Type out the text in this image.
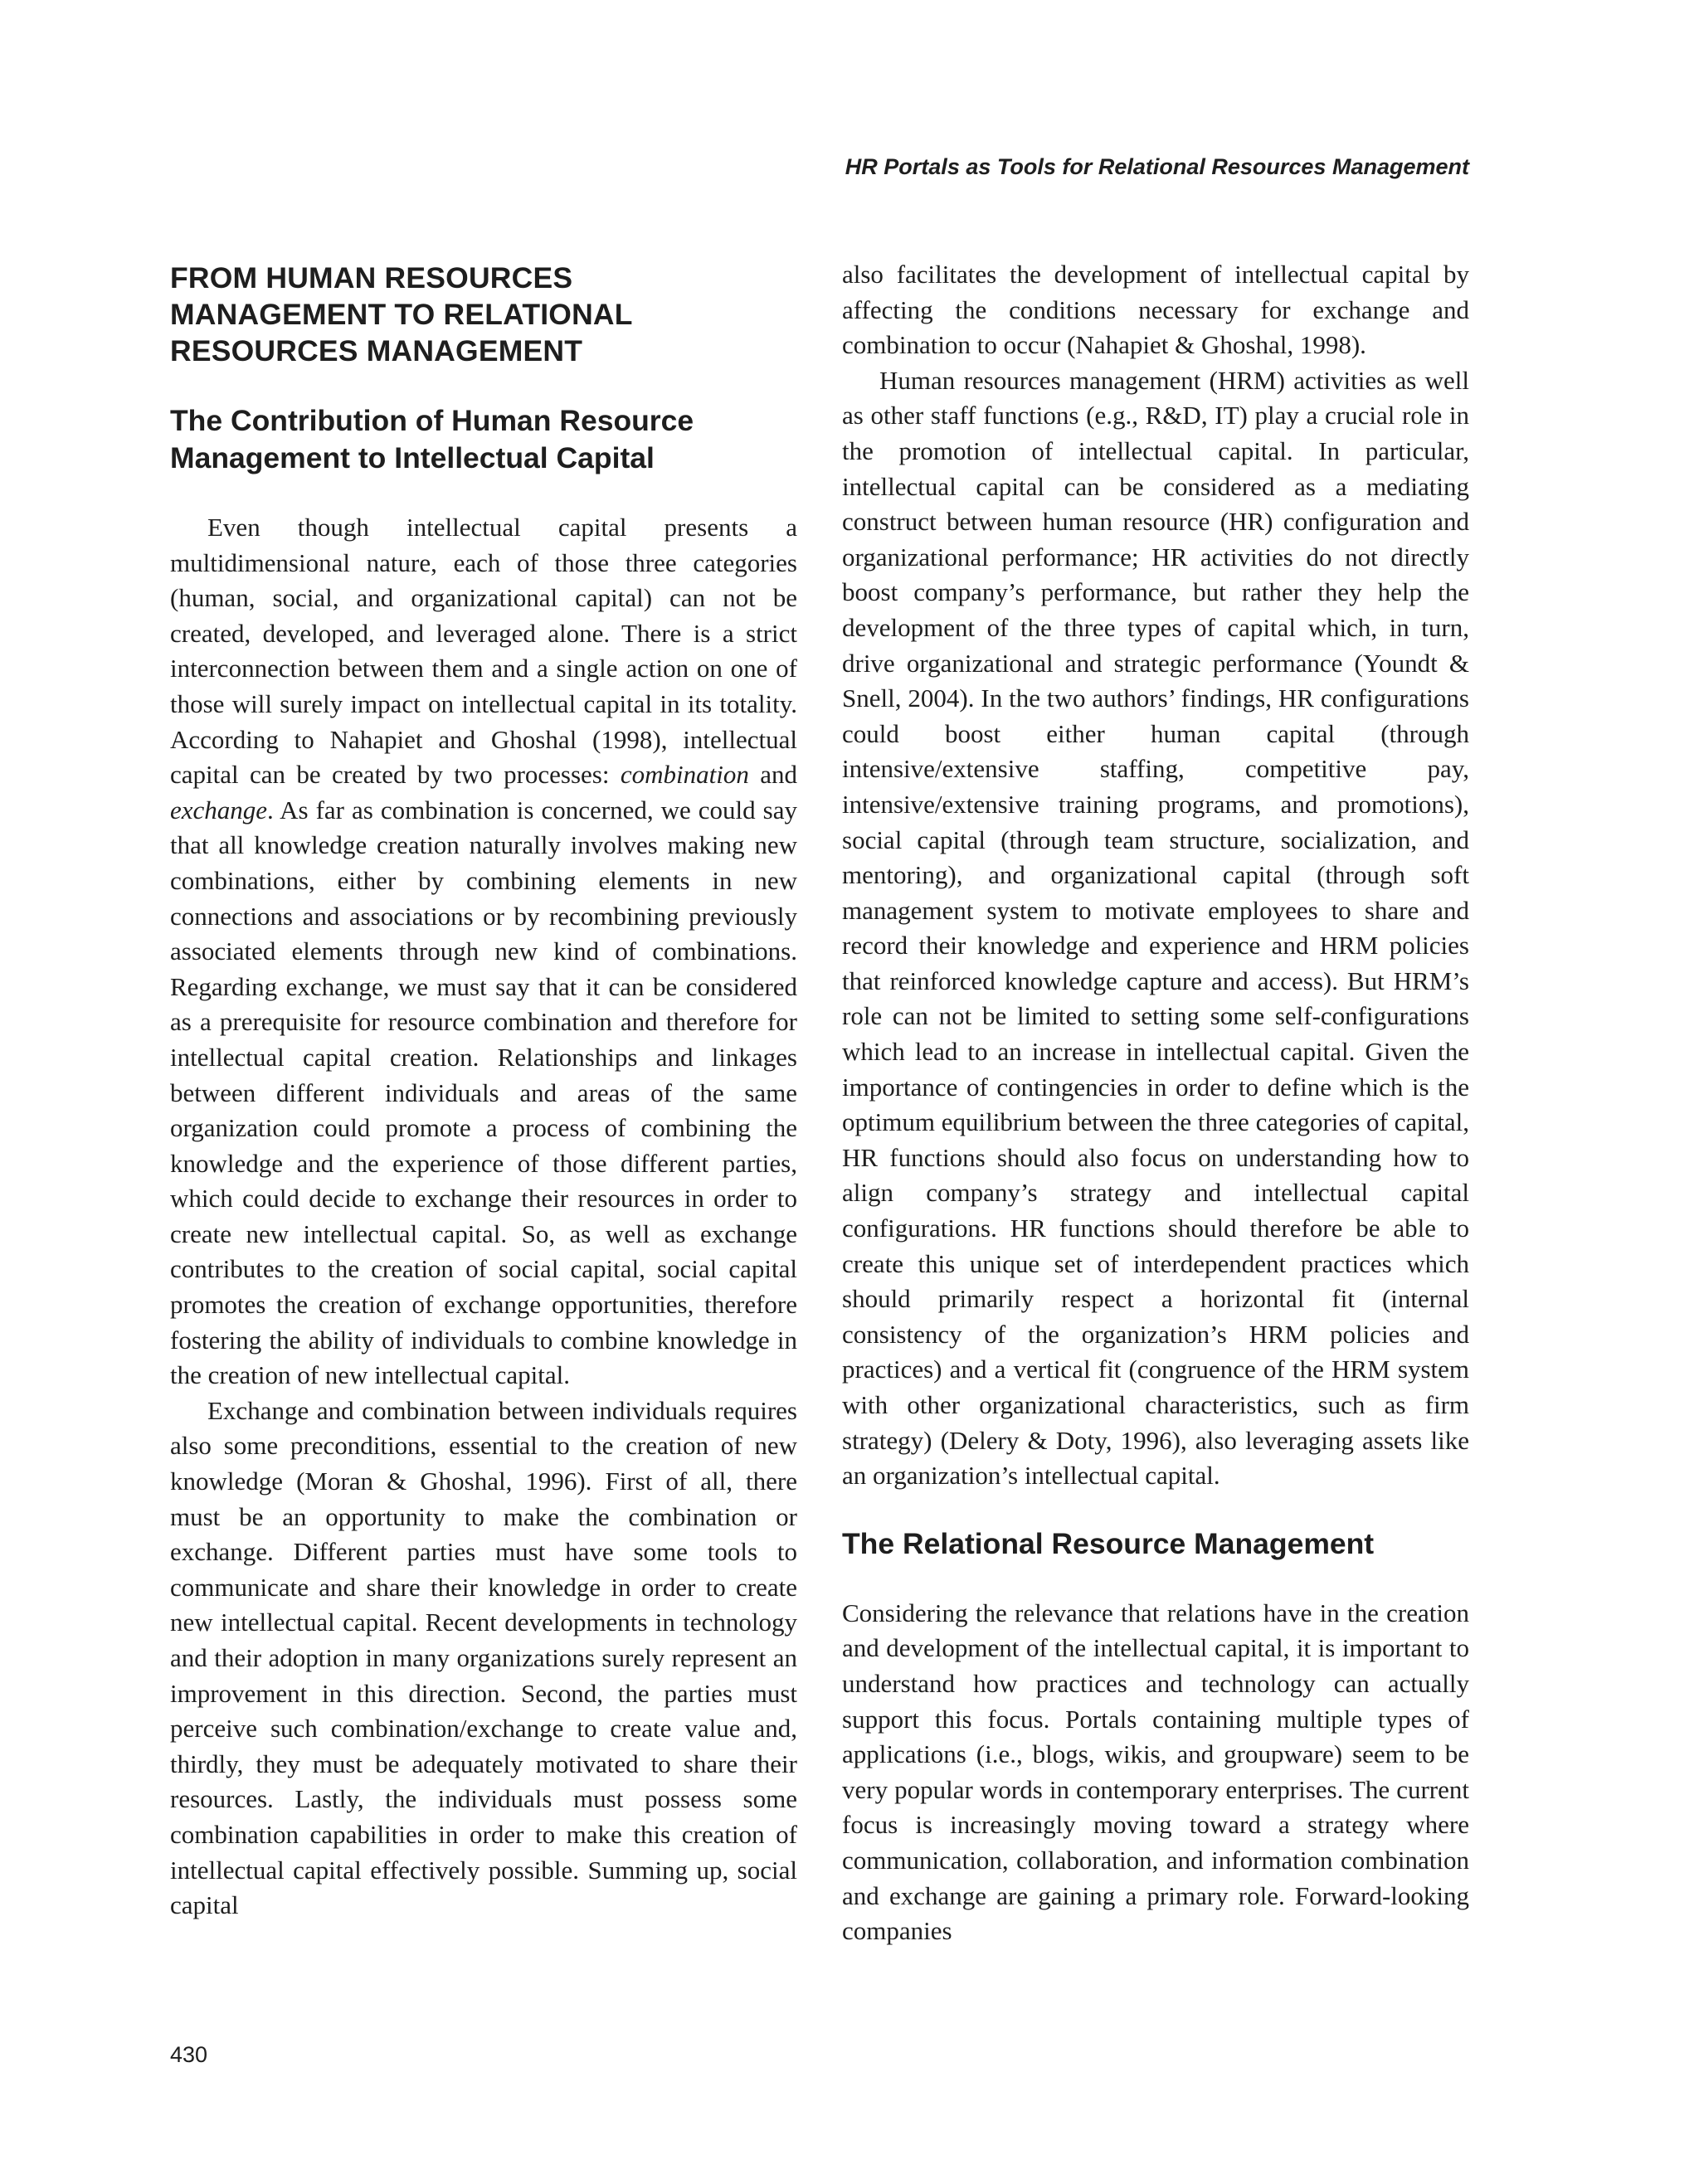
HR Portals as Tools for Relational Resources Management
FROM HUMAN RESOURCES
MANAGEMENT TO RELATIONAL
RESOURCES MANAGEMENT
The Contribution of Human Resource
Management to Intellectual Capital

Even though intellectual capital presents a multidimensional nature, each of those three categories (human, social, and organizational capital) can not be created, developed, and leveraged alone. There is a strict interconnection between them and a single action on one of those will surely impact on intellectual capital in its totality. According to Nahapiet and Ghoshal (1998), intellectual capital can be created by two processes: combination and exchange. As far as combination is concerned, we could say that all knowledge creation naturally involves making new combinations, either by combining elements in new connections and associations or by recombining previously associated elements through new kind of combinations. Regarding exchange, we must say that it can be considered as a prerequisite for resource combination and therefore for intellectual capital creation. Relationships and linkages between different individuals and areas of the same organization could promote a process of combining the knowledge and the experience of those different parties, which could decide to exchange their resources in order to create new intellectual capital. So, as well as exchange contributes to the creation of social capital, social capital promotes the creation of exchange opportunities, therefore fostering the ability of individuals to combine knowledge in the creation of new intellectual capital.

Exchange and combination between individuals requires also some preconditions, essential to the creation of new knowledge (Moran & Ghoshal, 1996). First of all, there must be an opportunity to make the combination or exchange. Different parties must have some tools to communicate and share their knowledge in order to create new intellectual capital. Recent developments in technology and their adoption in many organizations surely represent an improvement in this direction. Second, the parties must perceive such combination/exchange to create value and, thirdly, they must be adequately motivated to share their resources. Lastly, the individuals must possess some combination capabilities in order to make this creation of intellectual capital effectively possible. Summing up, social capital

also facilitates the development of intellectual capital by affecting the conditions necessary for exchange and combination to occur (Nahapiet & Ghoshal, 1998).

Human resources management (HRM) activities as well as other staff functions (e.g., R&D, IT) play a crucial role in the promotion of intellectual capital. In particular, intellectual capital can be considered as a mediating construct between human resource (HR) configuration and organizational performance; HR activities do not directly boost company’s performance, but rather they help the development of the three types of capital which, in turn, drive organizational and strategic performance (Youndt & Snell, 2004). In the two authors’ findings, HR configurations could boost either human capital (through intensive/extensive staffing, competitive pay, intensive/extensive training programs, and promotions), social capital (through team structure, socialization, and mentoring), and organizational capital (through soft management system to motivate employees to share and record their knowledge and experience and HRM policies that reinforced knowledge capture and access). But HRM’s role can not be limited to setting some self-configurations which lead to an increase in intellectual capital. Given the importance of contingencies in order to define which is the optimum equilibrium between the three categories of capital, HR functions should also focus on understanding how to align company’s strategy and intellectual capital configurations. HR functions should therefore be able to create this unique set of interdependent practices which should primarily respect a horizontal fit (internal consistency of the organization’s HRM policies and practices) and a vertical fit (congruence of the HRM system with other organizational characteristics, such as firm strategy) (Delery & Doty, 1996), also leveraging assets like an organization’s intellectual capital.

The Relational Resource Management

Considering the relevance that relations have in the creation and development of the intellectual capital, it is important to understand how practices and technology can actually support this focus. Portals containing multiple types of applications (i.e., blogs, wikis, and groupware) seem to be very popular words in contemporary enterprises. The current focus is increasingly moving toward a strategy where communication, collaboration, and information combination and exchange are gaining a primary role. Forward-looking companies

430
